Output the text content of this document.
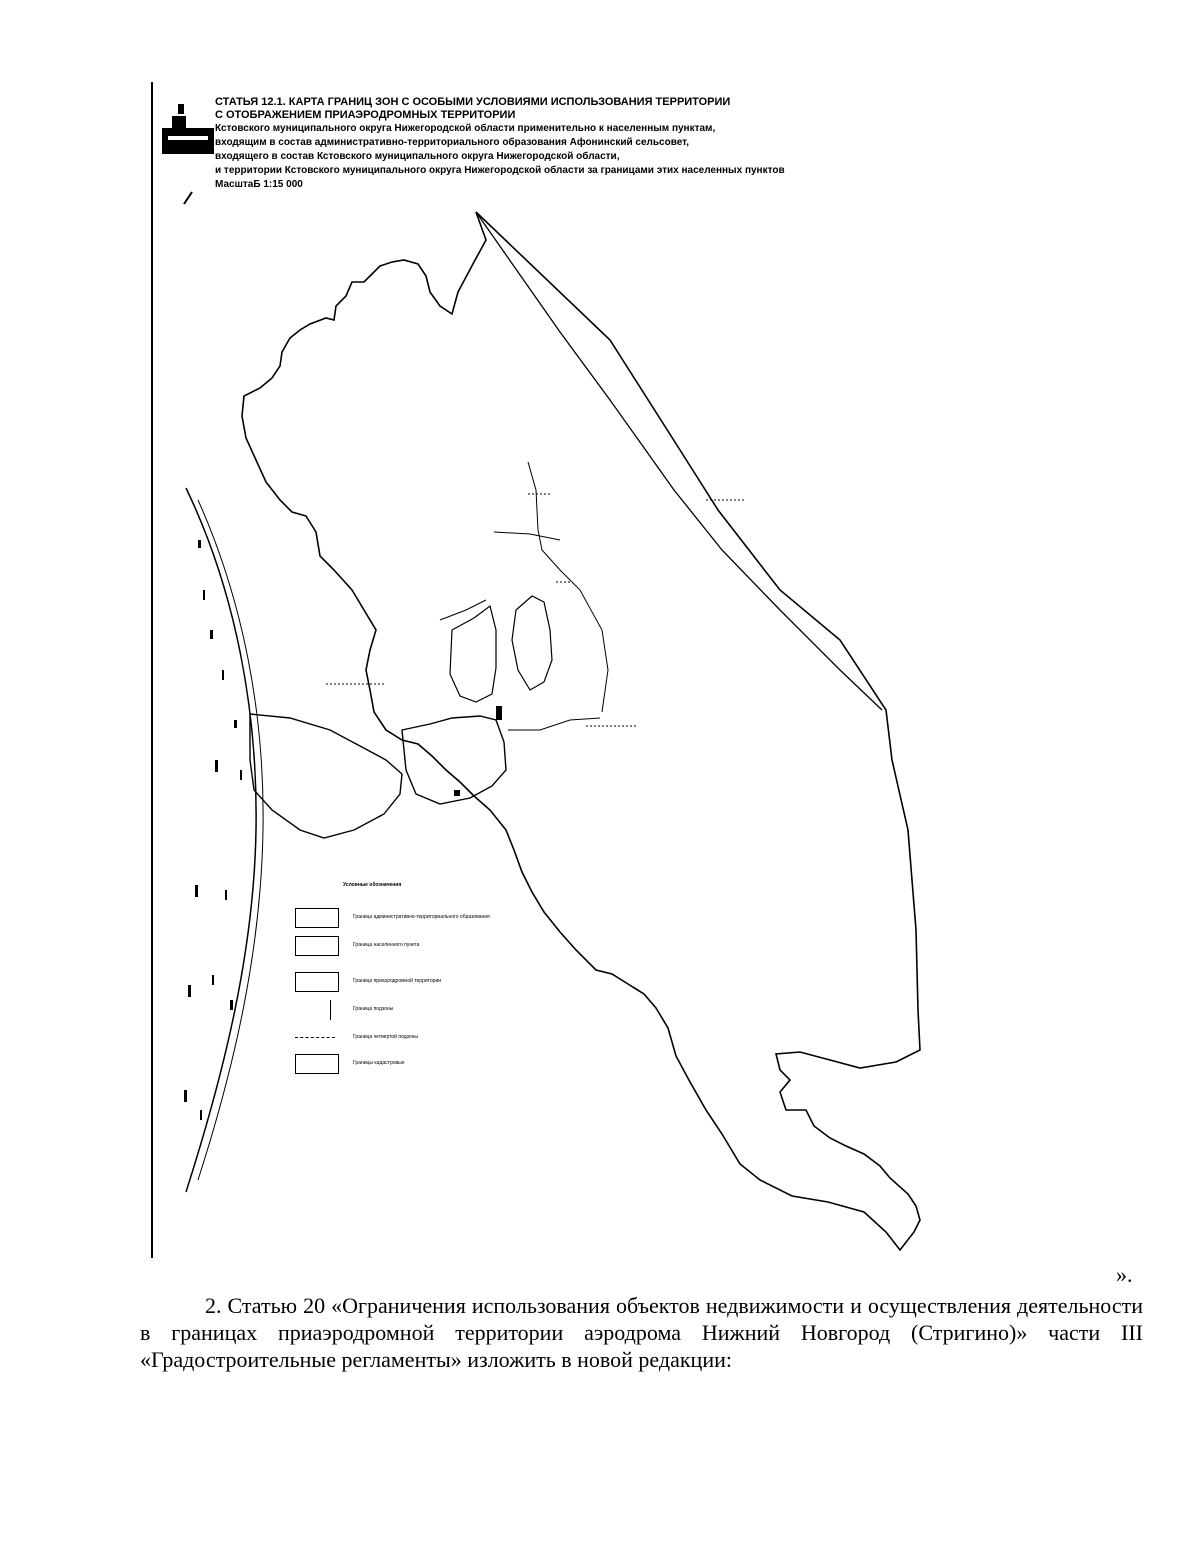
СТАТЬЯ 12.1. КАРТА ГРАНИЦ ЗОН С ОСОБЫМИ УСЛОВИЯМИ ИСПОЛЬЗОВАНИЯ ТЕРРИТОРИИ
С ОТОБРАЖЕНИЕМ ПРИАЭРОДРОМНЫХ ТЕРРИТОРИИ
Кстовского муниципального округа Нижегородской области применительно к населенным пунктам,
входящим в состав административно-территориального образования Афонинский сельсовет,
входящего в состав Кстовского муниципального округа Нижегородской области,
и территории Кстовского муниципального округа Нижегородской области за границами этих населенных пунктов
МасштаБ 1:15 000
Условные обозначения
Граница административно-территориального образования
Граница населенного пункта
Граница приаэродромной территории
Граница подзоны
Граница четвертой подзоны
Границы кадастровые
».

2. Статью 20 «Ограничения использования объектов недвижимости и осуществления деятельности в границах приаэродромной территории аэродрома Нижний Новгород (Стригино)» части III «Градостроительные регламенты» изложить в новой редакции:
